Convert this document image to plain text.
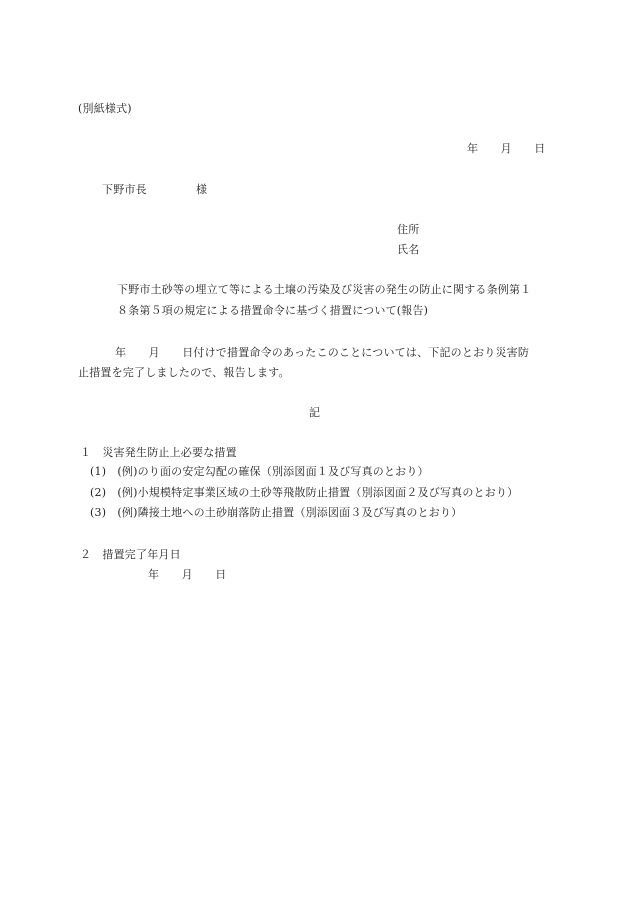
(別紙様式)
年　　月　　日
下野市長	様
住所
氏名
下野市土砂等の埋立て等による土壌の汚染及び災害の発生の防止に関する条例第１
８条第５項の規定による措置命令に基づく措置について(報告)
年　　月　　日付けで措置命令のあったこのことについては、下記のとおり災害防
止措置を完了しましたので、報告します。
記
１　災害発生防止上必要な措置
(1)　(例)のり面の安定勾配の確保（別添図面１及び写真のとおり）
(2)　(例)小規模特定事業区域の土砂等飛散防止措置（別添図面２及び写真のとおり）
(3)　(例)隣接土地への土砂崩落防止措置（別添図面３及び写真のとおり）
２　措置完了年月日
年　　月　　日
